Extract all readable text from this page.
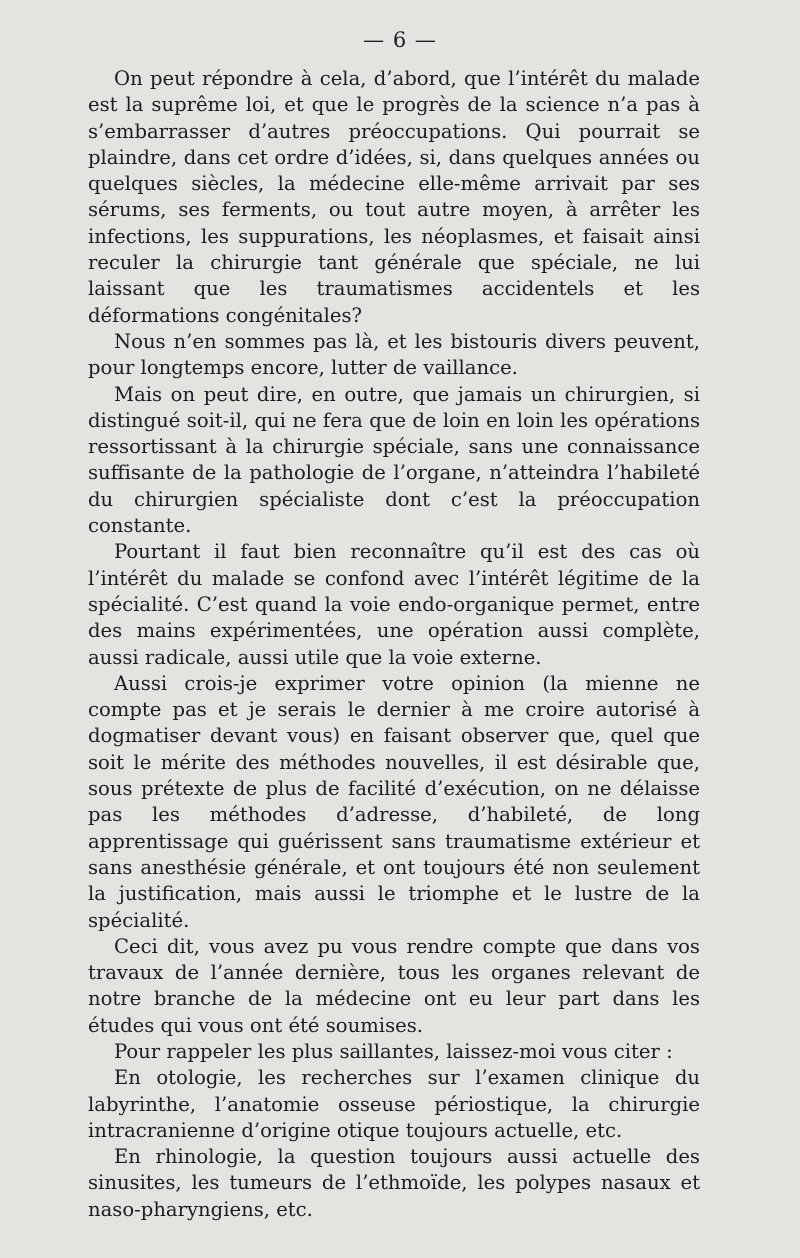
— 6 —

On peut répondre à cela, d’abord, que l’intérêt du malade est la suprême loi, et que le progrès de la science n’a pas à s’embarrasser d’autres préoccupations. Qui pourrait se plaindre, dans cet ordre d’idées, si, dans quelques années ou quelques siècles, la médecine elle-même arrivait par ses sérums, ses ferments, ou tout autre moyen, à arrêter les infections, les suppurations, les néoplasmes, et faisait ainsi reculer la chirurgie tant générale que spéciale, ne lui laissant que les traumatismes accidentels et les déformations congénitales?

Nous n’en sommes pas là, et les bistouris divers peuvent, pour longtemps encore, lutter de vaillance.

Mais on peut dire, en outre, que jamais un chirurgien, si distingué soit-il, qui ne fera que de loin en loin les opérations ressortissant à la chirurgie spéciale, sans une connaissance suffisante de la pathologie de l’organe, n’atteindra l’habileté du chirurgien spécialiste dont c’est la préoccupation constante.

Pourtant il faut bien reconnaître qu’il est des cas où l’intérêt du malade se confond avec l’intérêt légitime de la spécialité. C’est quand la voie endo-organique permet, entre des mains expérimentées, une opération aussi complète, aussi radicale, aussi utile que la voie externe.

Aussi crois-je exprimer votre opinion (la mienne ne compte pas et je serais le dernier à me croire autorisé à dogmatiser devant vous) en faisant observer que, quel que soit le mérite des méthodes nouvelles, il est désirable que, sous prétexte de plus de facilité d’exécution, on ne délaisse pas les méthodes d’adresse, d’habileté, de long apprentissage qui guérissent sans traumatisme extérieur et sans anesthésie générale, et ont toujours été non seulement la justification, mais aussi le triomphe et le lustre de la spécialité.

Ceci dit, vous avez pu vous rendre compte que dans vos travaux de l’année dernière, tous les organes relevant de notre branche de la médecine ont eu leur part dans les études qui vous ont été soumises.

Pour rappeler les plus saillantes, laissez-moi vous citer :

En otologie, les recherches sur l’examen clinique du labyrinthe, l’anatomie osseuse périostique, la chirurgie intracranienne d’origine otique toujours actuelle, etc.

En rhinologie, la question toujours aussi actuelle des sinusites, les tumeurs de l’ethmoïde, les polypes nasaux et naso-pharyngiens, etc.
